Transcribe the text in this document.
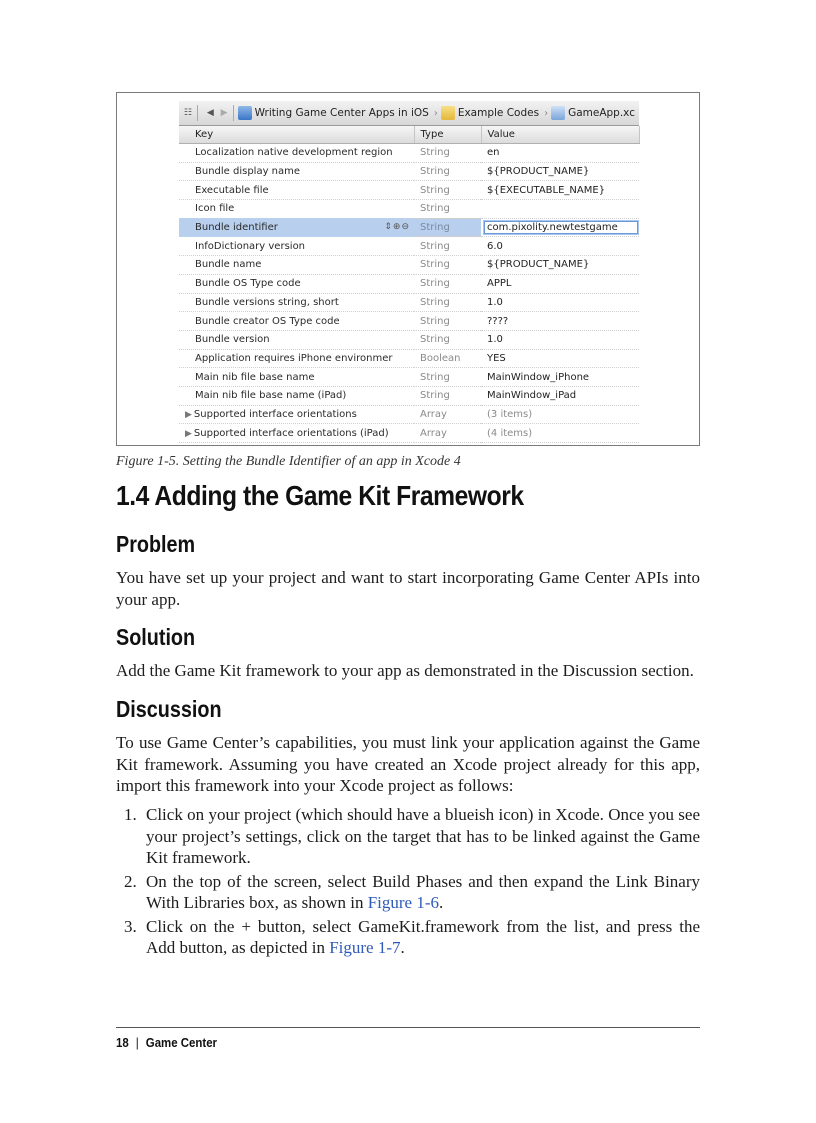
☷ ◀ ▶	Writing Game Center Apps in iOS › Example Codes › GameApp.xc
Key	Type	Value
Localization native development region	String	en
Bundle display name	String	${PRODUCT_NAME}
Executable file	String	${EXECUTABLE_NAME}
Icon file	String	
Bundle identifier ⇕⊕⊖	String	com.pixolity.newtestgame
InfoDictionary version	String	6.0
Bundle name	String	${PRODUCT_NAME}
Bundle OS Type code	String	APPL
Bundle versions string, short	String	1.0
Bundle creator OS Type code	String	????
Bundle version	String	1.0
Application requires iPhone environmer	Boolean	YES
Main nib file base name	String	MainWindow_iPhone
Main nib file base name (iPad)	String	MainWindow_iPad
▶ Supported interface orientations	Array	(3 items)
▶ Supported interface orientations (iPad)	Array	(4 items)
Figure 1-5. Setting the Bundle Identifier of an app in Xcode 4
1.4 Adding the Game Kit Framework
Problem
You have set up your project and want to start incorporating Game Center APIs into your app.
Solution
Add the Game Kit framework to your app as demonstrated in the Discussion section.
Discussion
To use Game Center’s capabilities, you must link your application against the Game Kit framework. Assuming you have created an Xcode project already for this app, import this framework into your Xcode project as follows:
1. Click on your project (which should have a blueish icon) in Xcode. Once you see your project’s settings, click on the target that has to be linked against the Game Kit framework.
2. On the top of the screen, select Build Phases and then expand the Link Binary With Libraries box, as shown in Figure 1-6.
3. Click on the + button, select GameKit.framework from the list, and press the Add button, as depicted in Figure 1-7.
18 | Game Center
